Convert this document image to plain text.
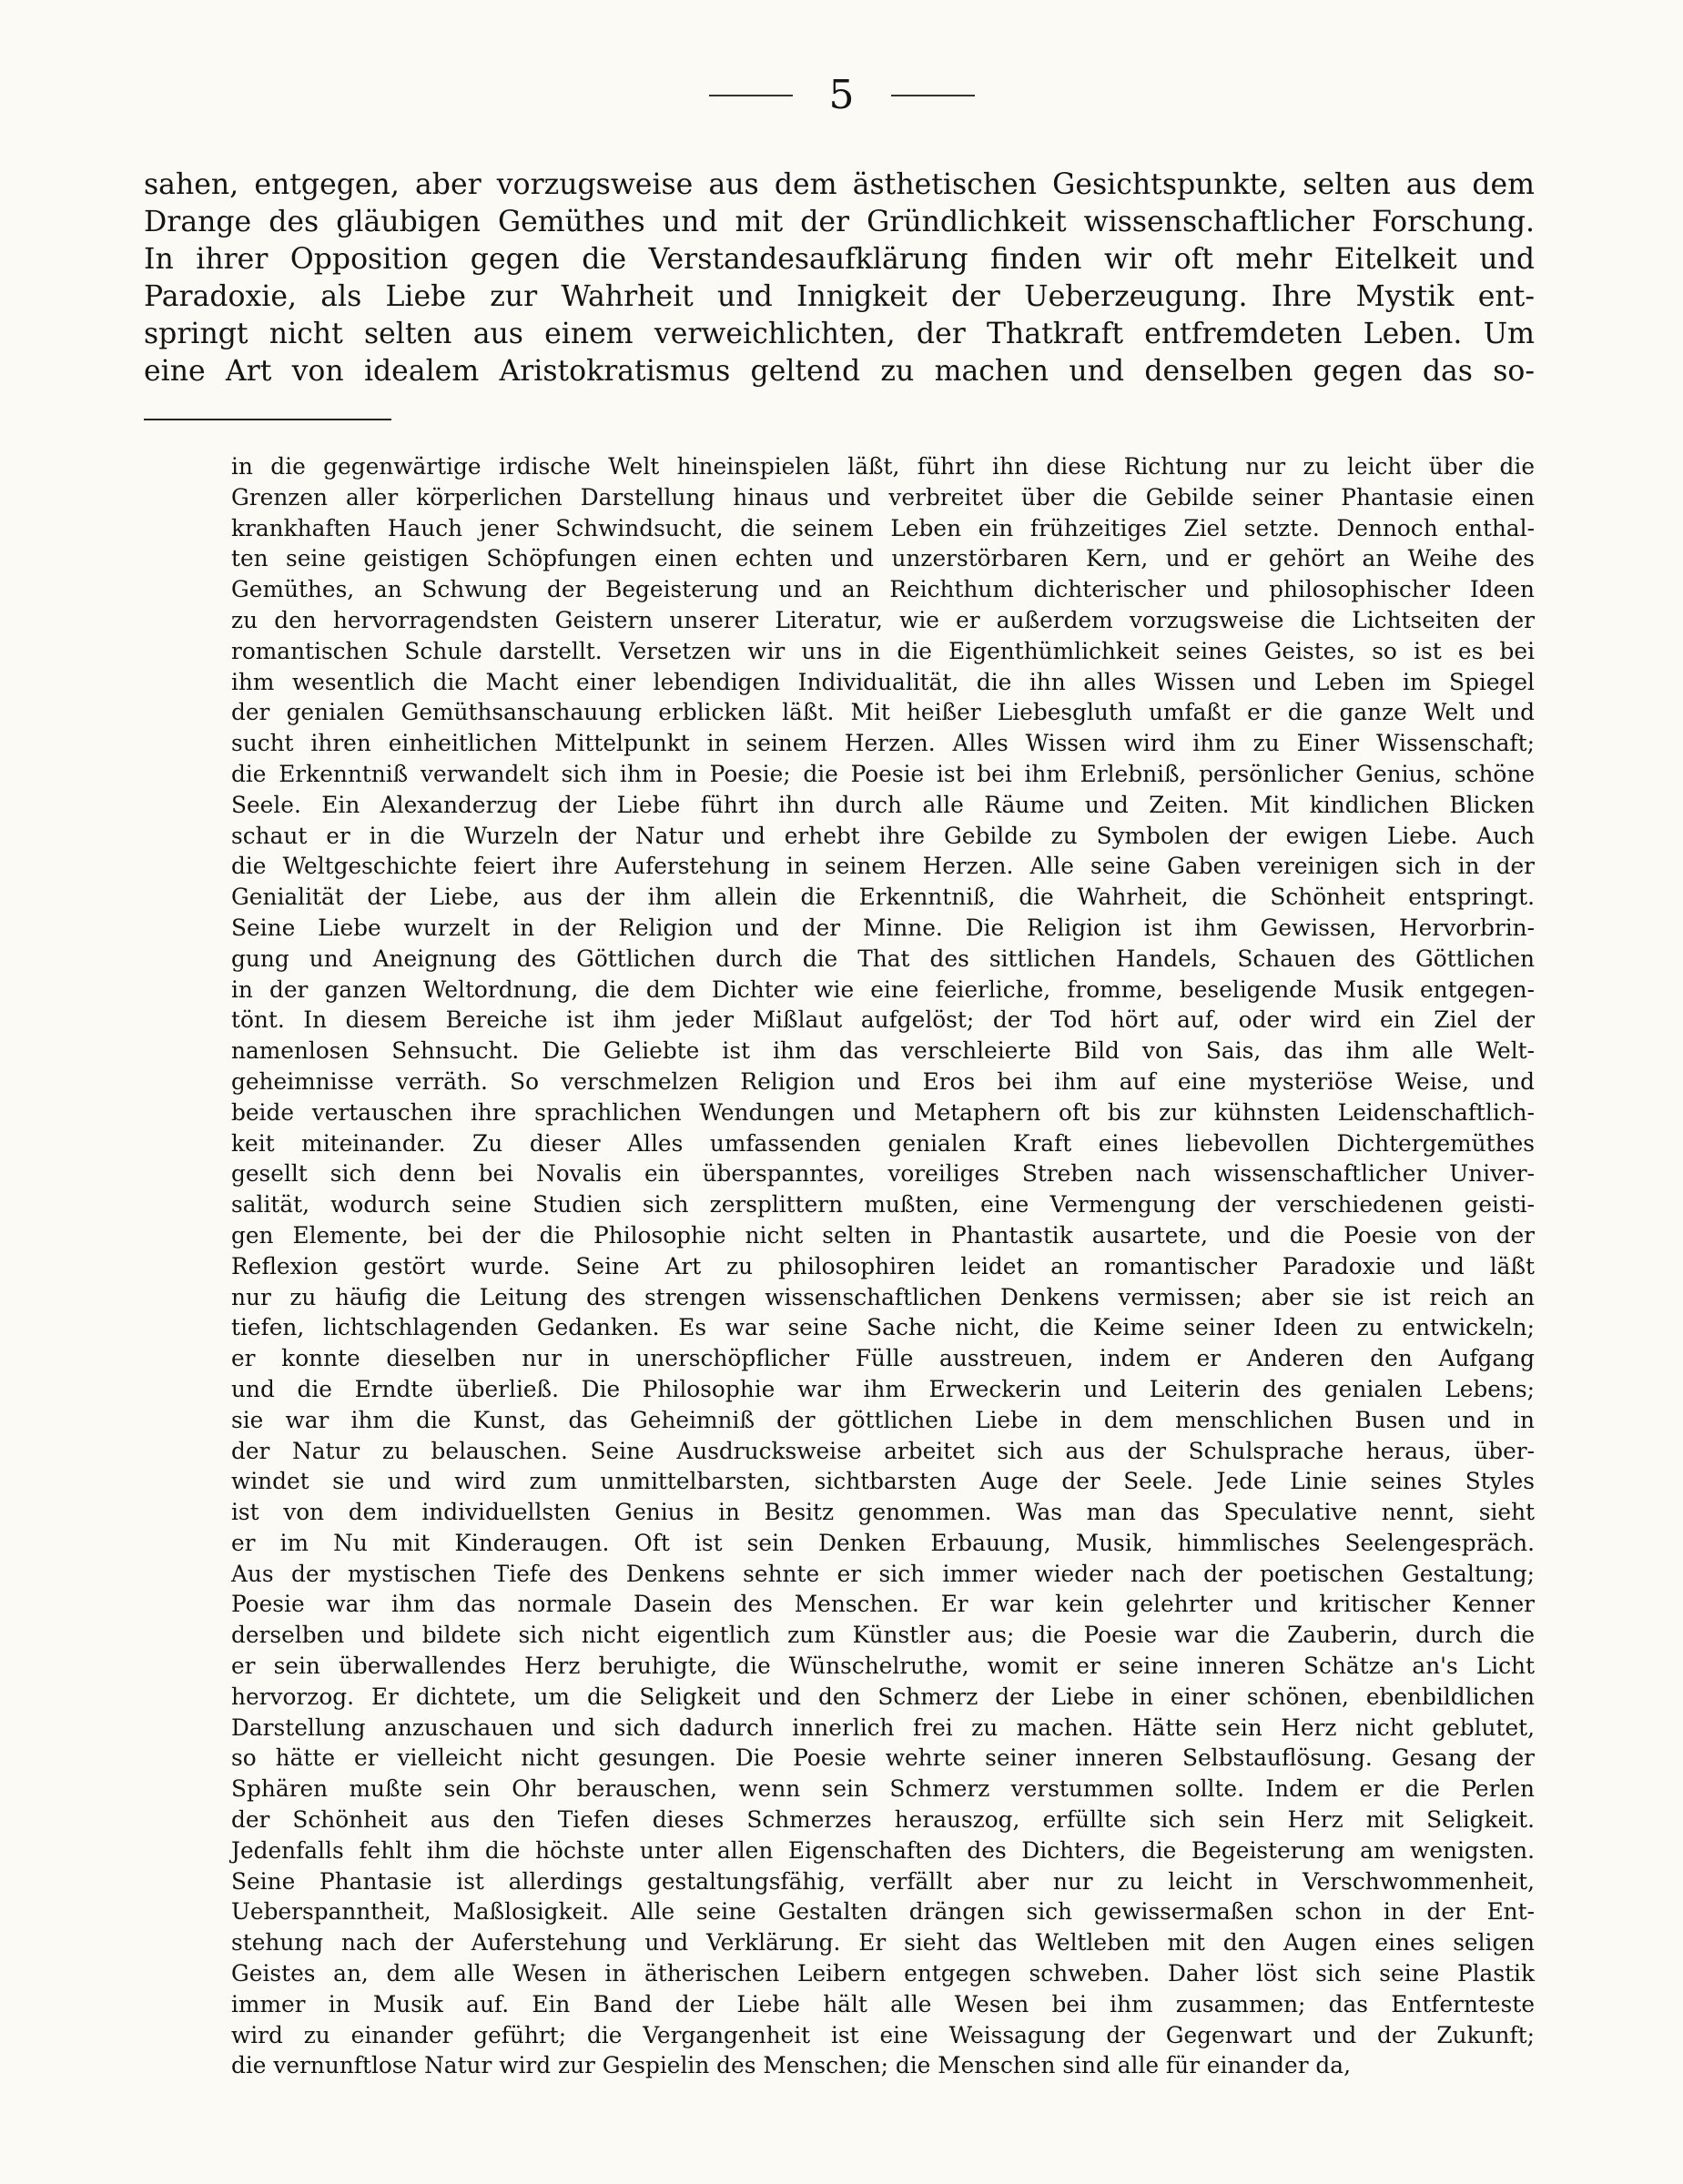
5

sahen, entgegen, aber vorzugsweise aus dem ästhetischen Gesichtspunkte, selten aus dem

Drange des gläubigen Gemüthes und mit der Gründlichkeit wissenschaftlicher Forschung.

In ihrer Opposition gegen die Verstandesaufklärung finden wir oft mehr Eitelkeit und

Paradoxie, als Liebe zur Wahrheit und Innigkeit der Ueberzeugung. Ihre Mystik ent-

springt nicht selten aus einem verweichlichten, der Thatkraft entfremdeten Leben. Um

eine Art von idealem Aristokratismus geltend zu machen und denselben gegen das so-

in die gegenwärtige irdische Welt hineinspielen läßt, führt ihn diese Richtung nur zu leicht über die

Grenzen aller körperlichen Darstellung hinaus und verbreitet über die Gebilde seiner Phantasie einen

krankhaften Hauch jener Schwindsucht, die seinem Leben ein frühzeitiges Ziel setzte. Dennoch enthal-

ten seine geistigen Schöpfungen einen echten und unzerstörbaren Kern, und er gehört an Weihe des

Gemüthes, an Schwung der Begeisterung und an Reichthum dichterischer und philosophischer Ideen

zu den hervorragendsten Geistern unserer Literatur, wie er außerdem vorzugsweise die Lichtseiten der

romantischen Schule darstellt. Versetzen wir uns in die Eigenthümlichkeit seines Geistes, so ist es bei

ihm wesentlich die Macht einer lebendigen Individualität, die ihn alles Wissen und Leben im Spiegel

der genialen Gemüthsanschauung erblicken läßt. Mit heißer Liebesgluth umfaßt er die ganze Welt und

sucht ihren einheitlichen Mittelpunkt in seinem Herzen. Alles Wissen wird ihm zu Einer Wissenschaft;

die Erkenntniß verwandelt sich ihm in Poesie; die Poesie ist bei ihm Erlebniß, persönlicher Genius, schöne

Seele. Ein Alexanderzug der Liebe führt ihn durch alle Räume und Zeiten. Mit kindlichen Blicken

schaut er in die Wurzeln der Natur und erhebt ihre Gebilde zu Symbolen der ewigen Liebe. Auch

die Weltgeschichte feiert ihre Auferstehung in seinem Herzen. Alle seine Gaben vereinigen sich in der

Genialität der Liebe, aus der ihm allein die Erkenntniß, die Wahrheit, die Schönheit entspringt.

Seine Liebe wurzelt in der Religion und der Minne. Die Religion ist ihm Gewissen, Hervorbrin-

gung und Aneignung des Göttlichen durch die That des sittlichen Handels, Schauen des Göttlichen

in der ganzen Weltordnung, die dem Dichter wie eine feierliche, fromme, beseligende Musik entgegen-

tönt. In diesem Bereiche ist ihm jeder Mißlaut aufgelöst; der Tod hört auf, oder wird ein Ziel der

namenlosen Sehnsucht. Die Geliebte ist ihm das verschleierte Bild von Sais, das ihm alle Welt-

geheimnisse verräth. So verschmelzen Religion und Eros bei ihm auf eine mysteriöse Weise, und

beide vertauschen ihre sprachlichen Wendungen und Metaphern oft bis zur kühnsten Leidenschaftlich-

keit miteinander. Zu dieser Alles umfassenden genialen Kraft eines liebevollen Dichtergemüthes

gesellt sich denn bei Novalis ein überspanntes, voreiliges Streben nach wissenschaftlicher Univer-

salität, wodurch seine Studien sich zersplittern mußten, eine Vermengung der verschiedenen geisti-

gen Elemente, bei der die Philosophie nicht selten in Phantastik ausartete, und die Poesie von der

Reflexion gestört wurde. Seine Art zu philosophiren leidet an romantischer Paradoxie und läßt

nur zu häufig die Leitung des strengen wissenschaftlichen Denkens vermissen; aber sie ist reich an

tiefen, lichtschlagenden Gedanken. Es war seine Sache nicht, die Keime seiner Ideen zu entwickeln;

er konnte dieselben nur in unerschöpflicher Fülle ausstreuen, indem er Anderen den Aufgang

und die Erndte überließ. Die Philosophie war ihm Erweckerin und Leiterin des genialen Lebens;

sie war ihm die Kunst, das Geheimniß der göttlichen Liebe in dem menschlichen Busen und in

der Natur zu belauschen. Seine Ausdrucksweise arbeitet sich aus der Schulsprache heraus, über-

windet sie und wird zum unmittelbarsten, sichtbarsten Auge der Seele. Jede Linie seines Styles

ist von dem individuellsten Genius in Besitz genommen. Was man das Speculative nennt, sieht

er im Nu mit Kinderaugen. Oft ist sein Denken Erbauung, Musik, himmlisches Seelengespräch.

Aus der mystischen Tiefe des Denkens sehnte er sich immer wieder nach der poetischen Gestaltung;

Poesie war ihm das normale Dasein des Menschen. Er war kein gelehrter und kritischer Kenner

derselben und bildete sich nicht eigentlich zum Künstler aus; die Poesie war die Zauberin, durch die

er sein überwallendes Herz beruhigte, die Wünschelruthe, womit er seine inneren Schätze an's Licht

hervorzog. Er dichtete, um die Seligkeit und den Schmerz der Liebe in einer schönen, ebenbildlichen

Darstellung anzuschauen und sich dadurch innerlich frei zu machen. Hätte sein Herz nicht geblutet,

so hätte er vielleicht nicht gesungen. Die Poesie wehrte seiner inneren Selbstauflösung. Gesang der

Sphären mußte sein Ohr berauschen, wenn sein Schmerz verstummen sollte. Indem er die Perlen

der Schönheit aus den Tiefen dieses Schmerzes herauszog, erfüllte sich sein Herz mit Seligkeit.

Jedenfalls fehlt ihm die höchste unter allen Eigenschaften des Dichters, die Begeisterung am wenigsten.

Seine Phantasie ist allerdings gestaltungsfähig, verfällt aber nur zu leicht in Verschwommenheit,

Ueberspanntheit, Maßlosigkeit. Alle seine Gestalten drängen sich gewissermaßen schon in der Ent-

stehung nach der Auferstehung und Verklärung. Er sieht das Weltleben mit den Augen eines seligen

Geistes an, dem alle Wesen in ätherischen Leibern entgegen schweben. Daher löst sich seine Plastik

immer in Musik auf. Ein Band der Liebe hält alle Wesen bei ihm zusammen; das Entfernteste

wird zu einander geführt; die Vergangenheit ist eine Weissagung der Gegenwart und der Zukunft;

die vernunftlose Natur wird zur Gespielin des Menschen; die Menschen sind alle für einander da,
